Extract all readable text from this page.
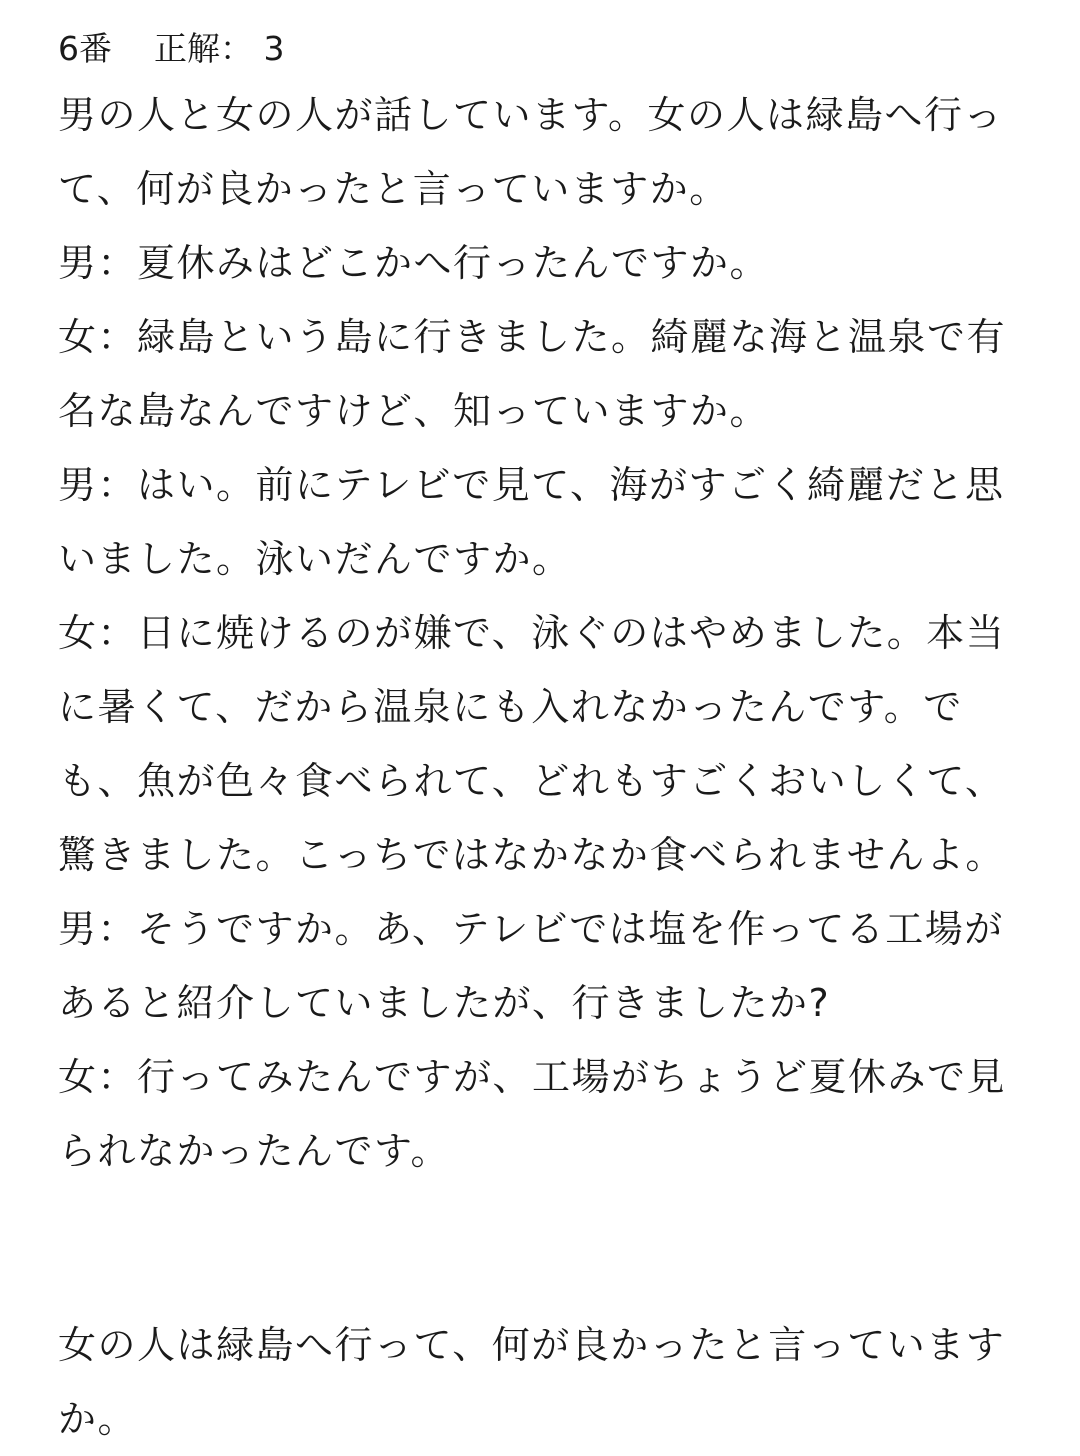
6番 正解： 3
男の人と女の人が話しています。女の人は緑島へ行っ
て、何が良かったと言っていますか。
男：夏休みはどこかへ行ったんですか。
女：緑島という島に行きました。綺麗な海と温泉で有
名な島なんですけど、知っていますか。
男：はい。前にテレビで見て、海がすごく綺麗だと思
いました。泳いだんですか。
女：日に焼けるのが嫌で、泳ぐのはやめました。本当
に暑くて、だから温泉にも入れなかったんです。で
も、魚が色々食べられて、どれもすごくおいしくて、
驚きました。こっちではなかなか食べられませんよ。
男：そうですか。あ、テレビでは塩を作ってる工場が
あると紹介していましたが、行きましたか?
女：行ってみたんですが、工場がちょうど夏休みで見
られなかったんです。
女の人は緑島へ行って、何が良かったと言っています
か。
